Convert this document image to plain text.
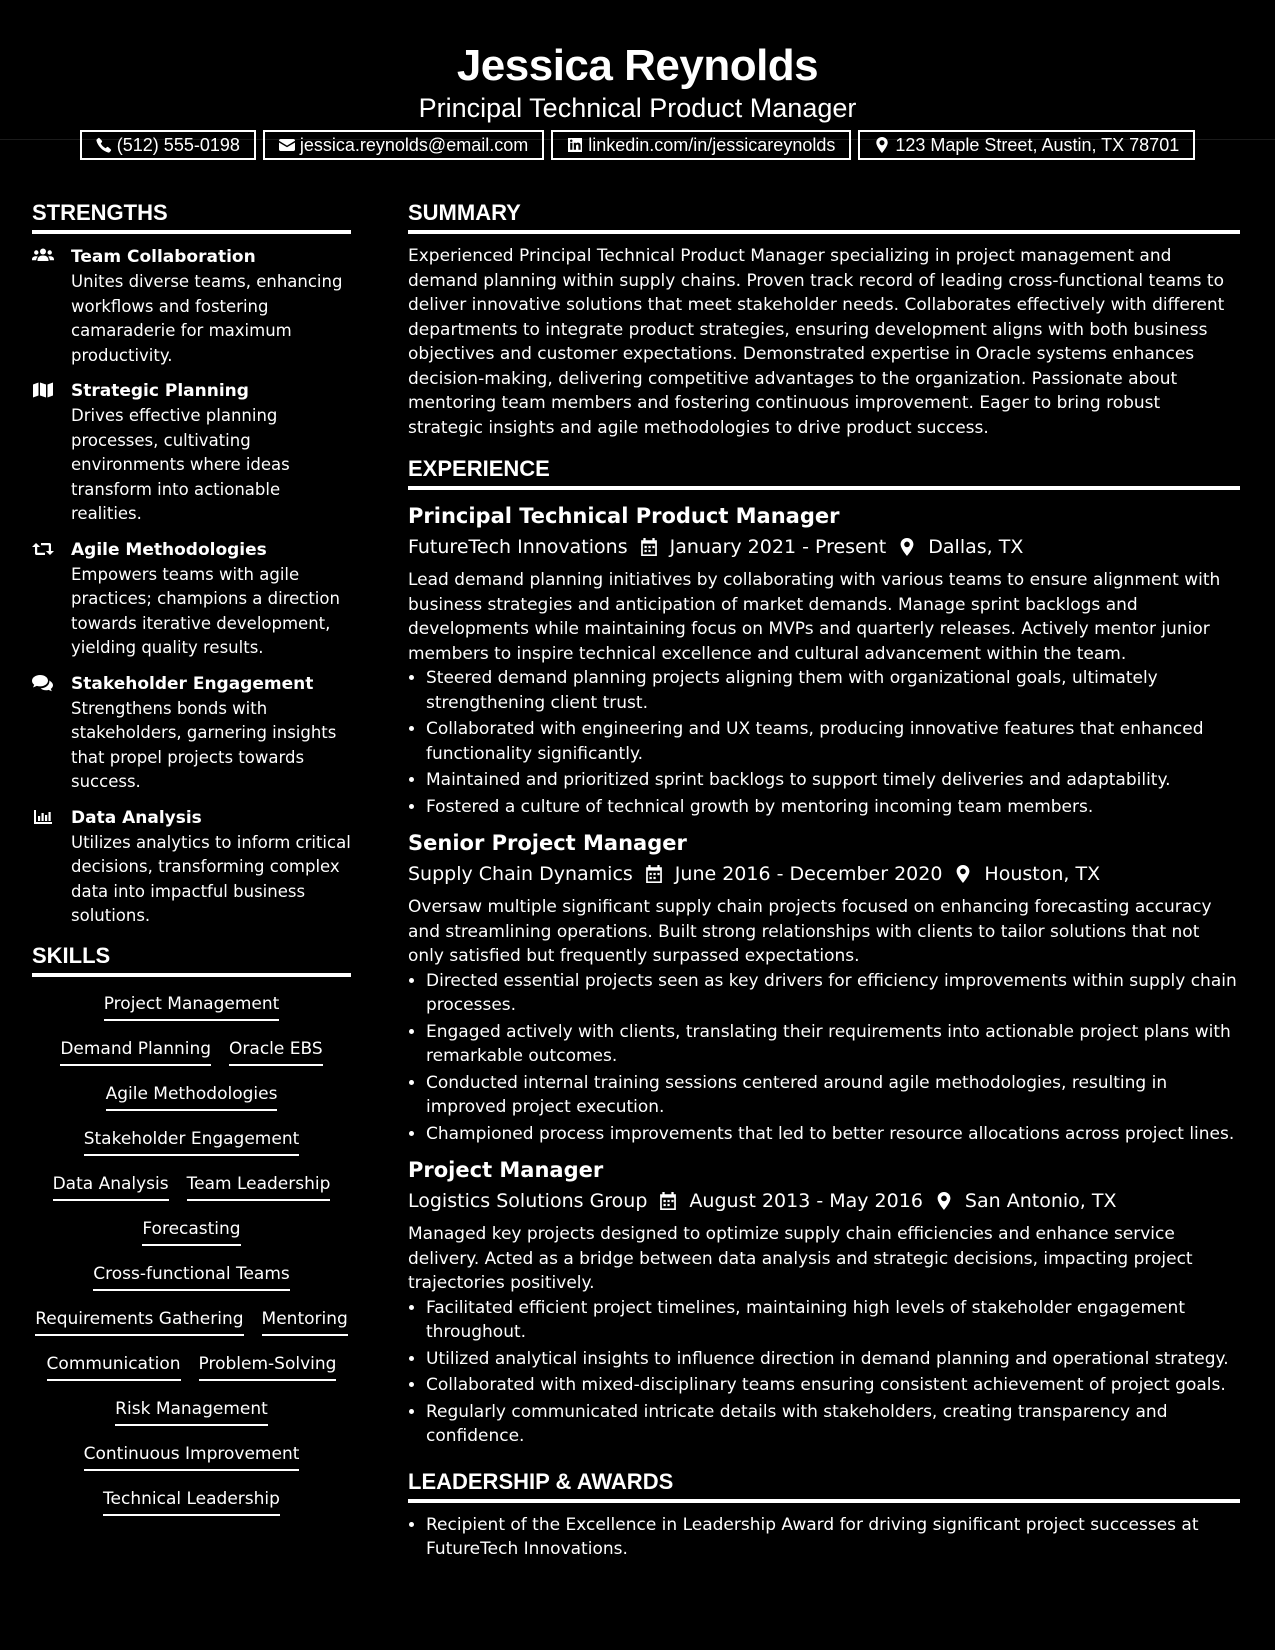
Jessica Reynolds
Principal Technical Product Manager
(512) 555-0198	jessica.reynolds@email.com	linkedin.com/in/jessicareynolds	123 Maple Street, Austin, TX 78701
STRENGTHS
Team Collaboration
Unites diverse teams, enhancing workflows and fostering camaraderie for maximum productivity.
Strategic Planning
Drives effective planning processes, cultivating environments where ideas transform into actionable realities.
Agile Methodologies
Empowers teams with agile practices; champions a direction towards iterative development, yielding quality results.
Stakeholder Engagement
Strengthens bonds with stakeholders, garnering insights that propel projects towards success.
Data Analysis
Utilizes analytics to inform critical decisions, transforming complex data into impactful business solutions.
SKILLS
Project Management
Demand Planning Oracle EBS
Agile Methodologies
Stakeholder Engagement
Data Analysis Team Leadership
Forecasting
Cross-functional Teams
Requirements Gathering Mentoring
Communication Problem-Solving
Risk Management
Continuous Improvement
Technical Leadership
SUMMARY
Experienced Principal Technical Product Manager specializing in project management and demand planning within supply chains. Proven track record of leading cross-functional teams to deliver innovative solutions that meet stakeholder needs. Collaborates effectively with different departments to integrate product strategies, ensuring development aligns with both business objectives and customer expectations. Demonstrated expertise in Oracle systems enhances decision-making, delivering competitive advantages to the organization. Passionate about mentoring team members and fostering continuous improvement. Eager to bring robust strategic insights and agile methodologies to drive product success.
EXPERIENCE
Principal Technical Product Manager
FutureTech Innovations January 2021 - Present Dallas, TX
Lead demand planning initiatives by collaborating with various teams to ensure alignment with business strategies and anticipation of market demands. Manage sprint backlogs and developments while maintaining focus on MVPs and quarterly releases. Actively mentor junior members to inspire technical excellence and cultural advancement within the team.
• Steered demand planning projects aligning them with organizational goals, ultimately strengthening client trust.
• Collaborated with engineering and UX teams, producing innovative features that enhanced functionality significantly.
• Maintained and prioritized sprint backlogs to support timely deliveries and adaptability.
• Fostered a culture of technical growth by mentoring incoming team members.
Senior Project Manager
Supply Chain Dynamics June 2016 - December 2020 Houston, TX
Oversaw multiple significant supply chain projects focused on enhancing forecasting accuracy and streamlining operations. Built strong relationships with clients to tailor solutions that not only satisfied but frequently surpassed expectations.
• Directed essential projects seen as key drivers for efficiency improvements within supply chain processes.
• Engaged actively with clients, translating their requirements into actionable project plans with remarkable outcomes.
• Conducted internal training sessions centered around agile methodologies, resulting in improved project execution.
• Championed process improvements that led to better resource allocations across project lines.
Project Manager
Logistics Solutions Group August 2013 - May 2016 San Antonio, TX
Managed key projects designed to optimize supply chain efficiencies and enhance service delivery. Acted as a bridge between data analysis and strategic decisions, impacting project trajectories positively.
• Facilitated efficient project timelines, maintaining high levels of stakeholder engagement throughout.
• Utilized analytical insights to influence direction in demand planning and operational strategy.
• Collaborated with mixed-disciplinary teams ensuring consistent achievement of project goals.
• Regularly communicated intricate details with stakeholders, creating transparency and confidence.
LEADERSHIP & AWARDS
• Recipient of the Excellence in Leadership Award for driving significant project successes at FutureTech Innovations.
